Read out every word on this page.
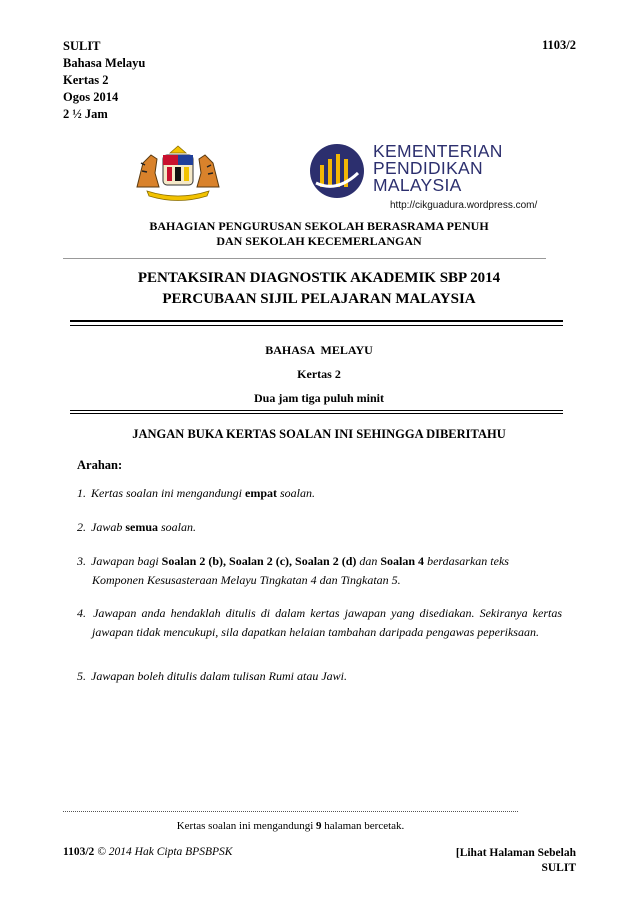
SULIT
Bahasa Melayu
Kertas 2
Ogos 2014
2 ½ Jam
1103/2
KEMENTERIAN
PENDIDIKAN
MALAYSIA
http://cikguadura.wordpress.com/
BAHAGIAN PENGURUSAN SEKOLAH BERASRAMA PENUH
DAN SEKOLAH KECEMERLANGAN
PENTAKSIRAN DIAGNOSTIK AKADEMIK SBP 2014
PERCUBAAN SIJIL PELAJARAN MALAYSIA
BAHASA  MELAYU
Kertas 2
Dua jam tiga puluh minit
JANGAN BUKA KERTAS SOALAN INI SEHINGGA DIBERITAHU
Arahan:
1. Kertas soalan ini mengandungi empat soalan.
2. Jawab semua soalan.
3. Jawapan bagi Soalan 2 (b), Soalan 2 (c), Soalan 2 (d) dan Soalan 4 berdasarkan teks
Komponen Kesusasteraan Melayu Tingkatan 4 dan Tingkatan 5.
4. Jawapan anda hendaklah ditulis di dalam kertas jawapan yang disediakan. Sekiranya kertas jawapan tidak mencukupi, sila dapatkan helaian tambahan daripada pengawas peperiksaan.
5. Jawapan boleh ditulis dalam tulisan Rumi atau Jawi.
Kertas soalan ini mengandungi 9 halaman bercetak.
1103/2 © 2014 Hak Cipta BPSBPSK	[Lihat Halaman Sebelah
SULIT
